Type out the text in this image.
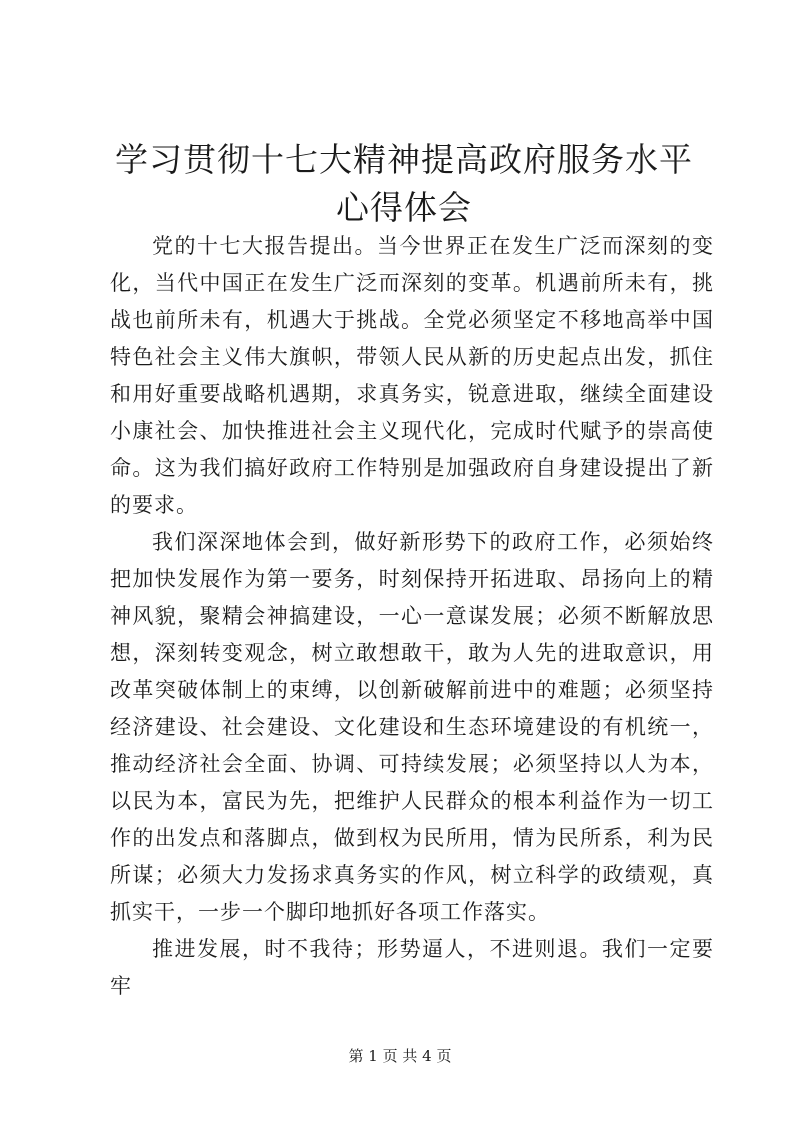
学习贯彻十七大精神提高政府服务水平心得体会

党的十七大报告提出。当今世界正在发生广泛而深刻的变化，当代中国正在发生广泛而深刻的变革。机遇前所未有，挑战也前所未有，机遇大于挑战。全党必须坚定不移地高举中国特色社会主义伟大旗帜，带领人民从新的历史起点出发，抓住和用好重要战略机遇期，求真务实，锐意进取，继续全面建设小康社会、加快推进社会主义现代化，完成时代赋予的崇高使命。这为我们搞好政府工作特别是加强政府自身建设提出了新的要求。

我们深深地体会到，做好新形势下的政府工作，必须始终把加快发展作为第一要务，时刻保持开拓进取、昂扬向上的精神风貌，聚精会神搞建设，一心一意谋发展；必须不断解放思想，深刻转变观念，树立敢想敢干，敢为人先的进取意识，用改革突破体制上的束缚，以创新破解前进中的难题；必须坚持经济建设、社会建设、文化建设和生态环境建设的有机统一，推动经济社会全面、协调、可持续发展；必须坚持以人为本，以民为本，富民为先，把维护人民群众的根本利益作为一切工作的出发点和落脚点，做到权为民所用，情为民所系，利为民所谋；必须大力发扬求真务实的作风，树立科学的政绩观，真抓实干，一步一个脚印地抓好各项工作落实。

推进发展，时不我待；形势逼人，不进则退。我们一定要牢

第 1 页 共 4 页
